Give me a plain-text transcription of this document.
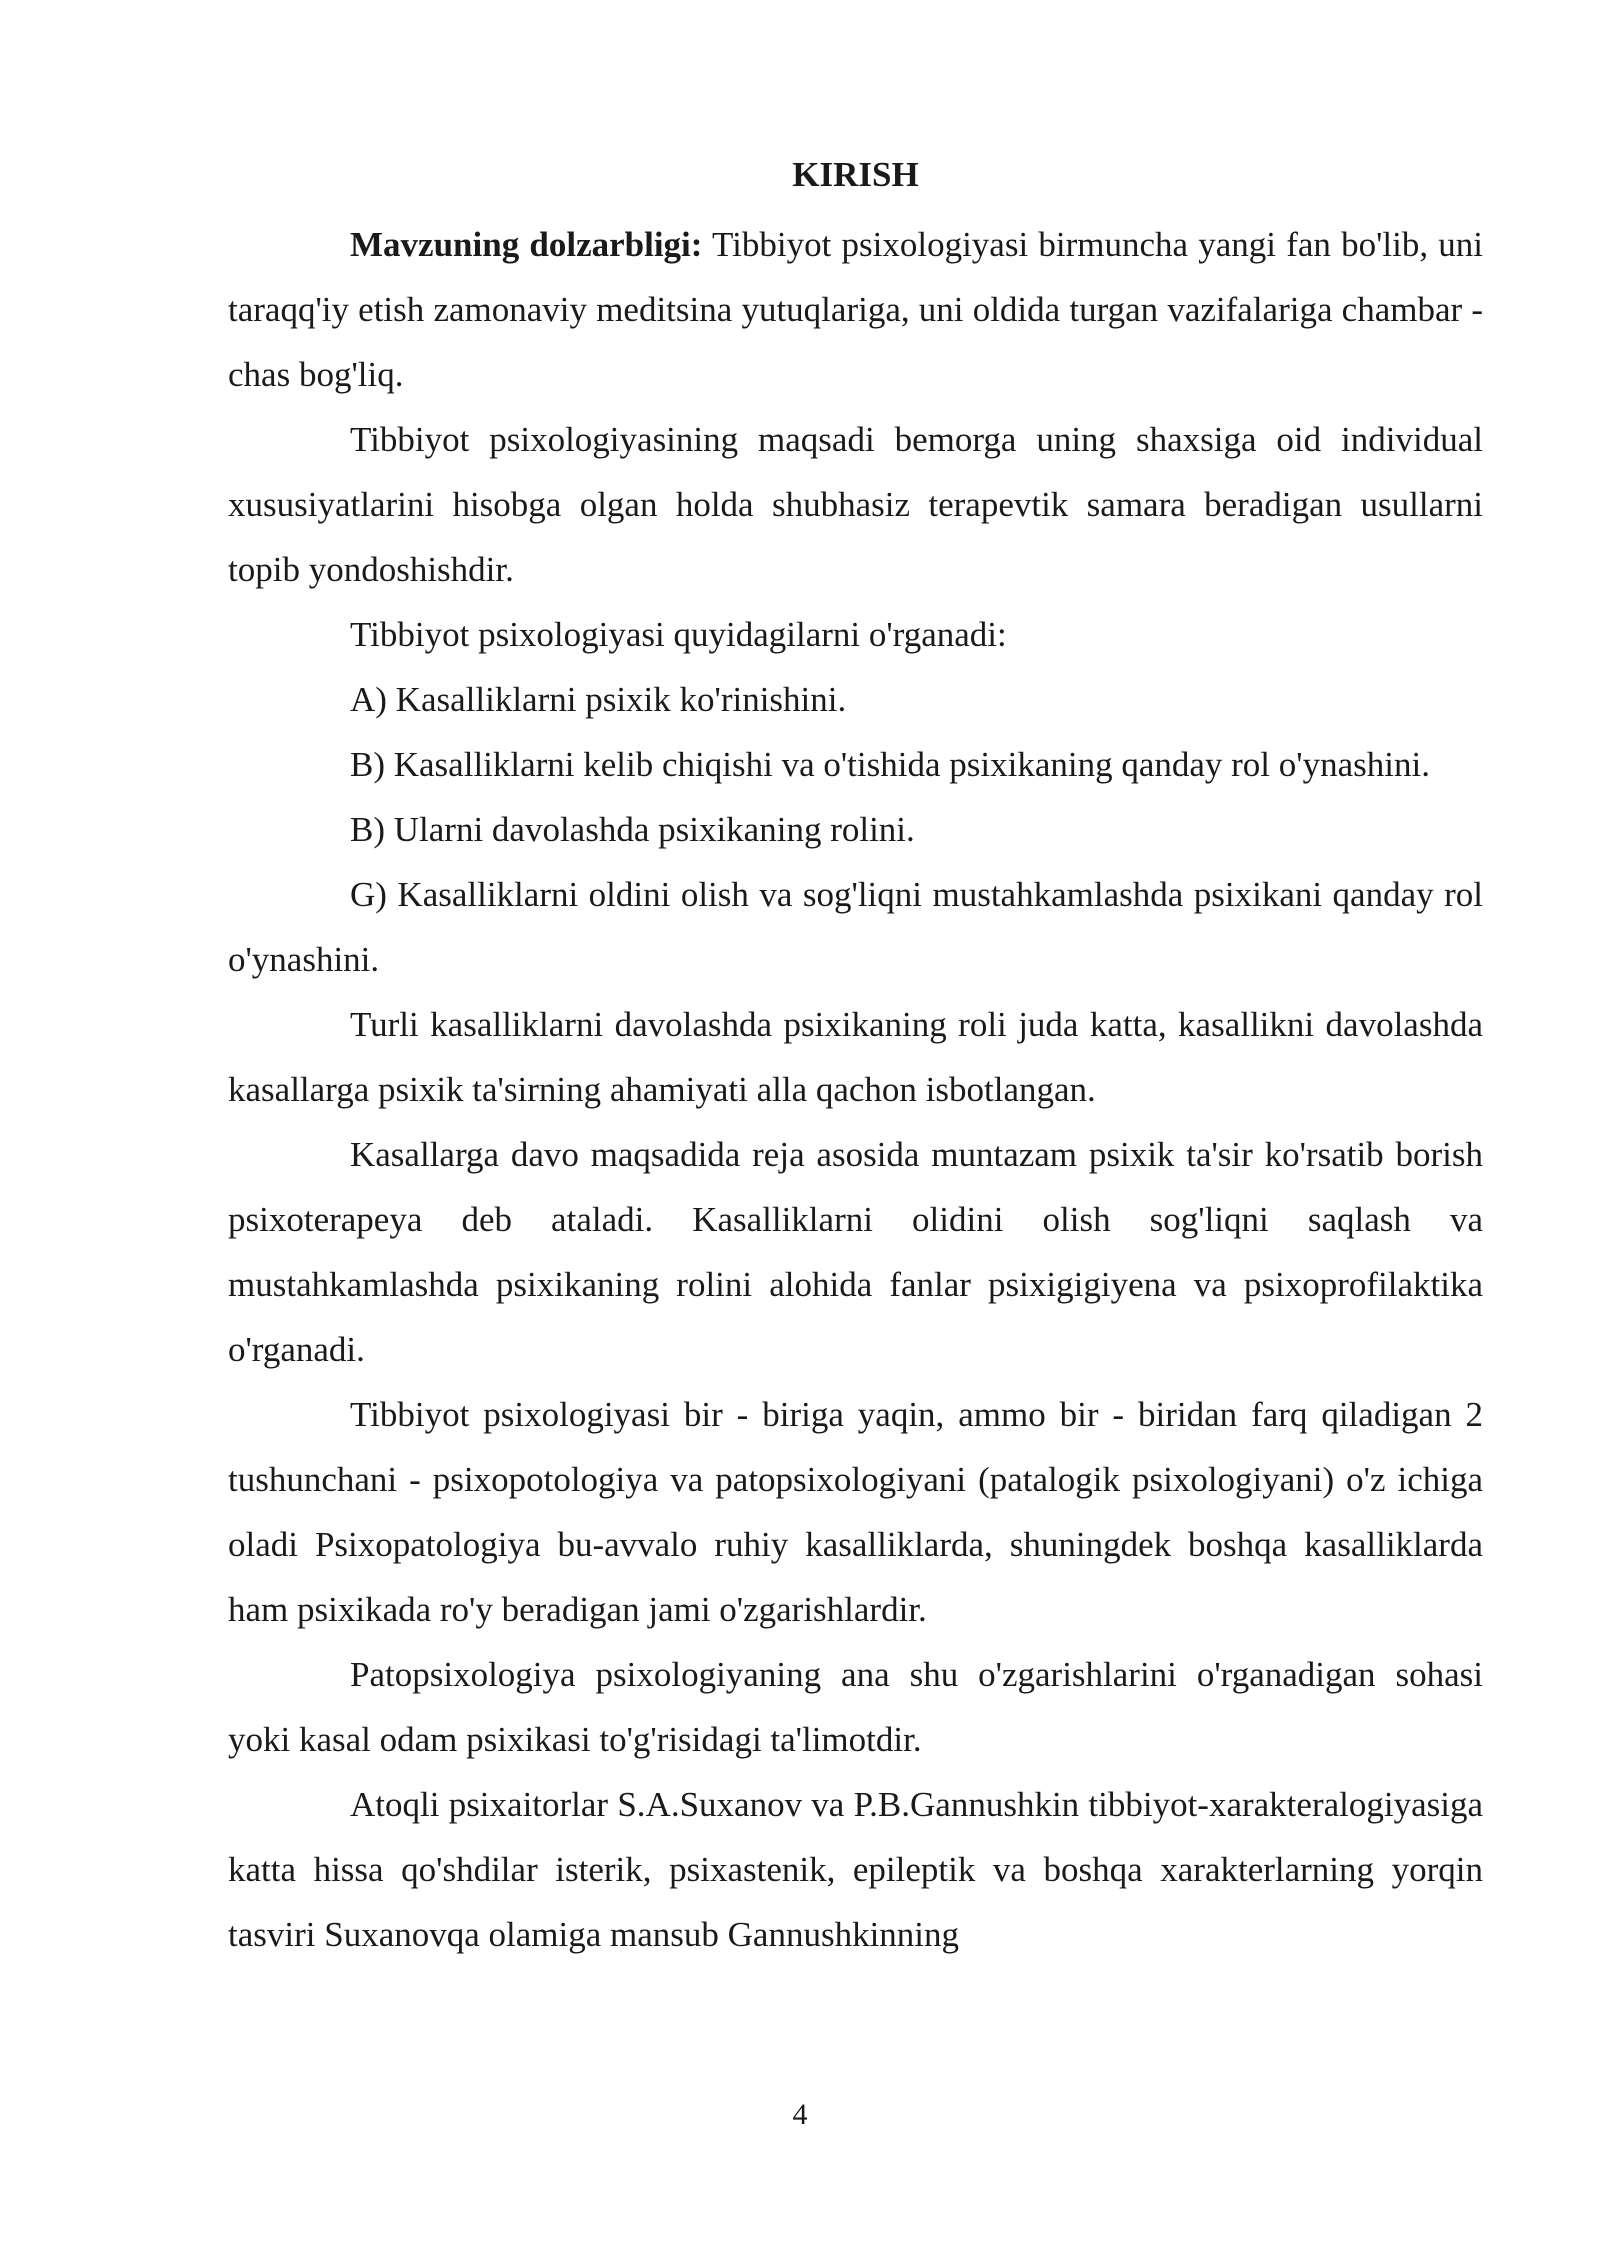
KIRISH

Mavzuning dolzarbligi: Tibbiyot psixologiyasi birmuncha yangi fan bo'lib, uni taraqq'iy etish zamonaviy meditsina yutuqlariga, uni oldida turgan vazifalariga chambar - chas bog'liq.

Tibbiyot psixologiyasining maqsadi bemorga uning shaxsiga oid individual xususiyatlarini hisobga olgan holda shubhasiz terapevtik samara beradigan usullarni topib yondoshishdir.

Tibbiyot psixologiyasi quyidagilarni o'rganadi:

A) Kasalliklarni psixik ko'rinishini.

B) Kasalliklarni kelib chiqishi va o'tishida psixikaning qanday rol o'ynashini.

B) Ularni davolashda psixikaning rolini.

G) Kasalliklarni oldini olish va sog'liqni mustahkamlashda psixikani qanday rol o'ynashini.

Turli kasalliklarni davolashda psixikaning roli juda katta, kasallikni davolashda kasallarga psixik ta'sirning ahamiyati alla qachon isbotlangan.

Kasallarga davo maqsadida reja asosida muntazam psixik ta'sir ko'rsatib borish psixoterapeya deb ataladi. Kasalliklarni olidini olish sog'liqni saqlash va mustahkamlashda psixikaning rolini alohida fanlar psixigigiyena va psixoprofilaktika o'rganadi.

Tibbiyot psixologiyasi bir - biriga yaqin, ammo bir - biridan farq qiladigan 2 tushunchani - psixopotologiya va patopsixologiyani (patalogik psixologiyani) o'z ichiga oladi Psixopatologiya bu-avvalo ruhiy kasalliklarda, shuningdek boshqa kasalliklarda ham psixikada ro'y beradigan jami o'zgarishlardir.

Patopsixologiya psixologiyaning ana shu o'zgarishlarini o'rganadigan sohasi yoki kasal odam psixikasi to'g'risidagi ta'limotdir.

Atoqli psixaitorlar S.A.Suxanov va P.B.Gannushkin tibbiyot-xarakteralogiyasiga katta hissa qo'shdilar isterik, psixastenik, epileptik va boshqa xarakterlarning yorqin tasviri Suxanovqa olamiga mansub Gannushkinning

4
